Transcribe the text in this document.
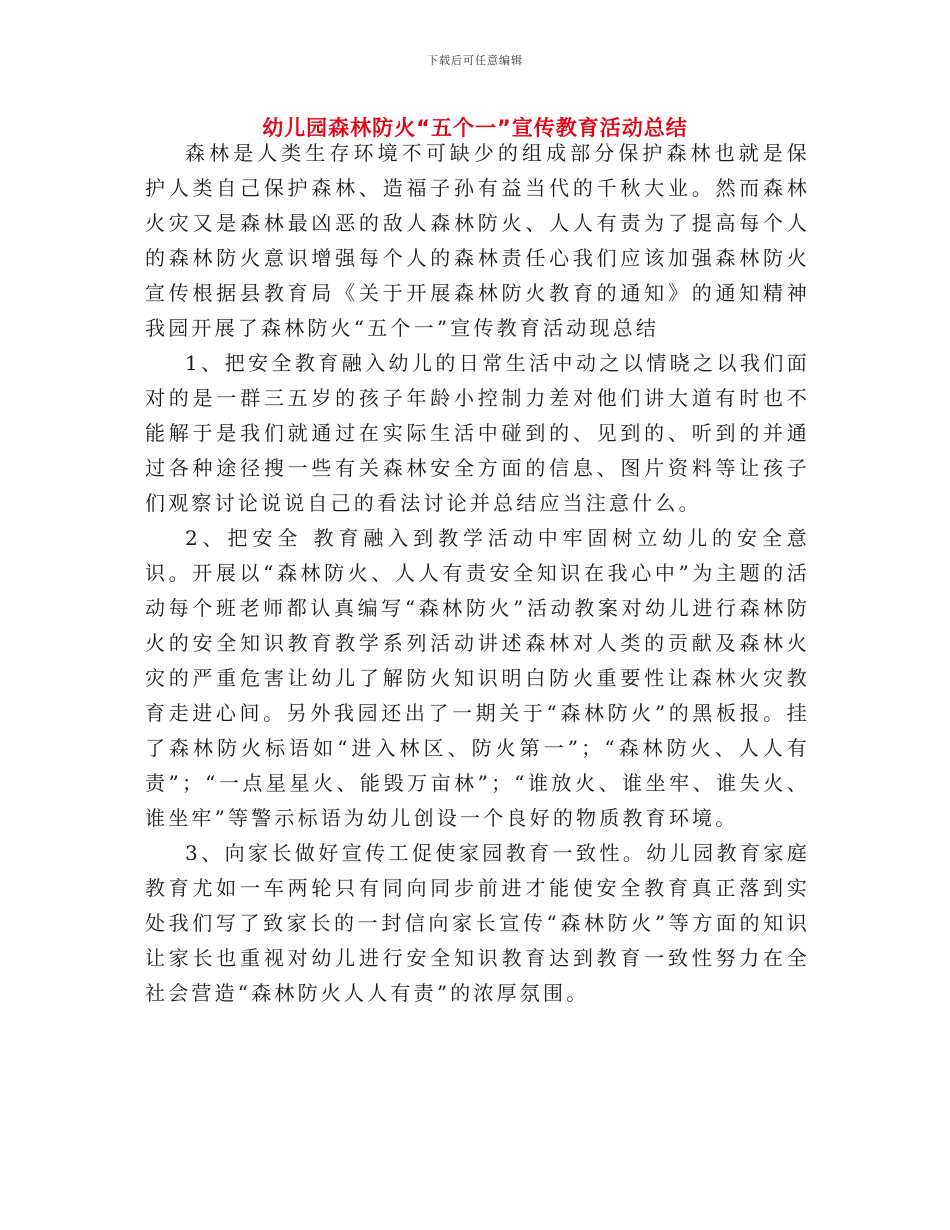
下载后可任意编辑
幼儿园森林防火“五个一”宣传教育活动总结

森林是人类生存环境不可缺少的组成部分保护森林也就是保护人类自己保护森林、造福子孙有益当代的千秋大业。然而森林火灾又是森林最凶恶的敌人森林防火、人人有责为了提高每个人的森林防火意识增强每个人的森林责任心我们应该加强森林防火宣传根据县教育局《关于开展森林防火教育的通知》的通知精神我园开展了森林防火“五个一”宣传教育活动现总结

1、把安全教育融入幼儿的日常生活中动之以情晓之以我们面对的是一群三五岁的孩子年龄小控制力差对他们讲大道有时也不能解于是我们就通过在实际生活中碰到的、见到的、听到的并通过各种途径搜一些有关森林安全方面的信息、图片资料等让孩子们观察讨论说说自己的看法讨论并总结应当注意什么。

2、把安全 教育融入到教学活动中牢固树立幼儿的安全意识。开展以“森林防火、人人有责安全知识在我心中”为主题的活动每个班老师都认真编写“森林防火”活动教案对幼儿进行森林防火的安全知识教育教学系列活动讲述森林对人类的贡献及森林火灾的严重危害让幼儿了解防火知识明白防火重要性让森林火灾教育走进心间。另外我园还出了一期关于“森林防火”的黑板报。挂了森林防火标语如“进入林区、防火第一”；“森林防火、人人有责”；“一点星星火、能毁万亩林”；“谁放火、谁坐牢、谁失火、谁坐牢”等警示标语为幼儿创设一个良好的物质教育环境。

3、向家长做好宣传工促使家园教育一致性。幼儿园教育家庭教育尤如一车两轮只有同向同步前进才能使安全教育真正落到实处我们写了致家长的一封信向家长宣传“森林防火”等方面的知识让家长也重视对幼儿进行安全知识教育达到教育一致性努力在全社会营造“森林防火人人有责”的浓厚氛围。
